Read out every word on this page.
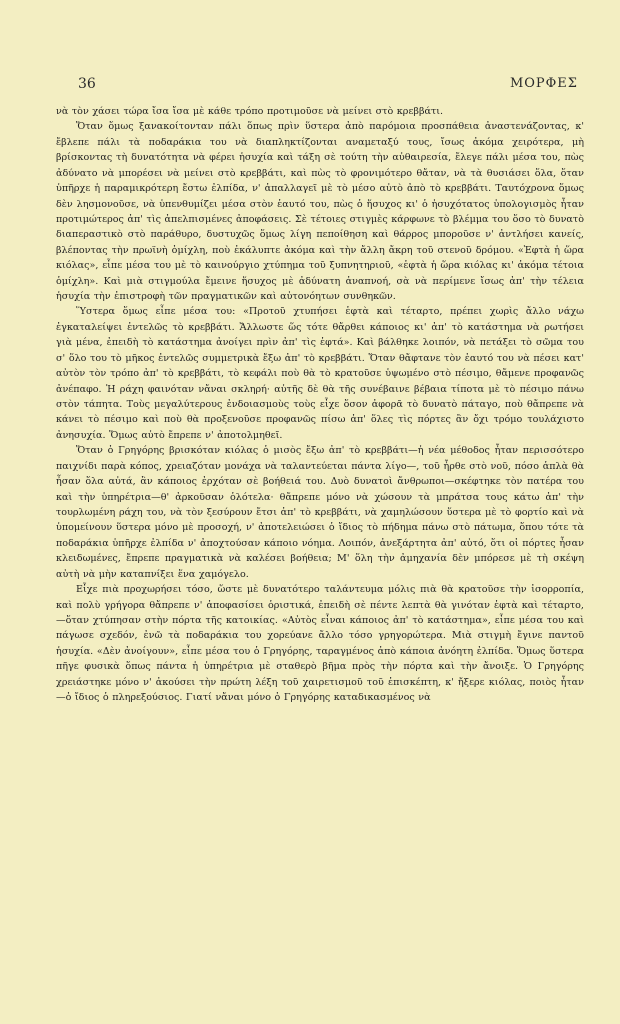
36	ΜΟΡΦΕΣ

νὰ τὸν χάσει τώρα ἴσα ἴσα μὲ κάθε τρόπο προτιμοῦσε νὰ μείνει στὸ κρεββάτι.

Ὅταν ὅμως ξανακοίτονταν πάλι ὅπως πρὶν ὕστερα ἀπὸ παρόμοια προσπάθεια ἀναστενάζοντας, κ' ἔβλεπε πάλι τὰ ποδαράκια του νὰ διαπληκτίζονται αναμεταξύ τους, ἴσως ἀκόμα χειρότερα, μὴ βρίσκοντας τὴ δυνατότητα νὰ φέρει ἡσυχία καὶ τάξη σὲ τούτη τὴν αὐθαιρεσία, ἔλεγε πάλι μέσα του, πὼς ἀδύνατο νὰ μπορέσει νὰ μείνει στὸ κρεββάτι, καὶ πὼς τὸ φρονιμότερο θἄταν, νὰ τὰ θυσιάσει ὅλα, ὅταν ὑπῆρχε ἡ παραμικρότερη ἔστω ἐλπίδα, ν' ἀπαλλαγεῖ μὲ τὸ μέσο αὐτὸ ἀπὸ τὸ κρεββάτι. Ταυτόχρονα ὅμως δὲν λησμονοῦσε, νὰ ὑπενθυμίζει μέσα στὸν ἑαυτό του, πὼς ὁ ἥσυχος κι' ὁ ἡσυχότατος ὑπολογισμὸς ἦταν προτιμώτερος ἀπ' τὶς ἀπελπισμένες ἀποφάσεις. Σὲ τέτοιες στιγμὲς κάρφωνε τὸ βλέμμα του ὅσο τὸ δυνατὸ διαπεραστικὸ στὸ παράθυρο, δυστυχῶς ὅμως λίγη πεποίθηση καὶ θάρρος μποροῦσε ν' ἀντλήσει κανείς, βλέποντας τὴν πρωϊνὴ ὁμίχλη, ποὺ ἐκάλυπτε ἀκόμα καὶ τὴν ἄλλη ἄκρη τοῦ στενοῦ δρόμου. «Ἑφτὰ ἡ ὥρα κιόλας», εἶπε μέσα του μὲ τὸ καινούργιο χτύπημα τοῦ ξυπνητηριοῦ, «ἑφτὰ ἡ ὥρα κιόλας κι' ἀκόμα τέτοια ὁμίχλη». Καὶ μιὰ στιγμούλα ἔμεινε ἥσυχος μὲ ἀδύνατη ἀναπνοή, σὰ νὰ περίμενε ἴσως ἀπ' τὴν τέλεια ἡσυχία τὴν ἐπιστροφὴ τῶν πραγματικῶν καὶ αὐτονόητων συνθηκῶν.

Ὕστερα ὅμως εἶπε μέσα του: «Προτοῦ χτυπήσει ἑφτὰ καὶ τέταρτο, πρέπει χωρὶς ἄλλο νάχω ἐγκαταλείψει ἐντελῶς τὸ κρεββάτι. Ἄλλωστε ὥς τότε θἄρθει κάποιος κι' ἀπ' τὸ κατάστημα νὰ ρωτήσει γιὰ μένα, ἐπειδὴ τὸ κατάστημα ἀνοίγει πρὶν ἀπ' τὶς ἑφτά». Καὶ βάλθηκε λοιπόν, νὰ πετάξει τὸ σῶμα του σ' ὅλο του τὸ μῆκος ἐντελῶς συμμετρικὰ ἔξω ἀπ' τὸ κρεββάτι. Ὅταν θἄφτανε τὸν ἑαυτό του νὰ πέσει κατ' αὐτὸν τὸν τρόπο ἀπ' τὸ κρεββάτι, τὸ κεφάλι ποὺ θὰ τὸ κρατοῦσε ὑψωμένο στὸ πέσιμο, θἄμενε προφανῶς ἀνέπαφο. Ἡ ράχη φαινόταν νἄναι σκληρή· αὐτῆς δὲ θὰ τῆς συνέβαινε βέβαια τίποτα μὲ τὸ πέσιμο πάνω στὸν τάπητα. Τοὺς μεγαλύτερους ἐνδοιασμοὺς τοὺς εἶχε ὅσον ἀφορᾶ τὸ δυνατὸ πάταγο, ποὺ θἄπρεπε νὰ κάνει τὸ πέσιμο καὶ ποὺ θὰ προξενοῦσε προφανῶς πίσω ἀπ' ὅλες τὶς πόρτες ἂν ὄχι τρόμο τουλάχιστο ἀνησυχία. Ὅμως αὐτὸ ἔπρεπε ν' ἀποτολμηθεῖ.

Ὅταν ὁ Γρηγόρης βρισκόταν κιόλας ὁ μισὸς ἔξω ἀπ' τὸ κρεββάτι—ἡ νέα μέθοδος ἦταν περισσότερο παιχνίδι παρὰ κόπος, χρειαζόταν μονάχα νὰ ταλαντεύεται πάντα λίγο—, τοῦ ἦρθε στὸ νοῦ, πόσο ἁπλὰ θὰ ἦσαν ὅλα αὐτά, ἂν κάποιος ἐρχόταν σὲ βοήθειά του. Δυὸ δυνατοὶ ἄνθρωποι—σκέφτηκε τὸν πατέρα του καὶ τὴν ὑπηρέτρια—θ' ἀρκοῦσαν ὁλότελα· θἄπρεπε μόνο νὰ χώσουν τὰ μπράτσα τους κάτω ἀπ' τὴν τουρλωμένη ράχη του, νὰ τὸν ξεσύρουν ἔτσι ἀπ' τὸ κρεββάτι, νὰ χαμηλώσουν ὕστερα μὲ τὸ φορτίο καὶ νὰ ὑπομείνουν ὕστερα μόνο μὲ προσοχή, ν' ἀποτελειώσει ὁ ἴδιος τὸ πήδημα πάνω στὸ πάτωμα, ὅπου τότε τὰ ποδαράκια ὑπῆρχε ἐλπίδα ν' ἀποχτούσαν κάποιο νόημα. Λοιπόν, ἀνεξάρτητα ἀπ' αὐτό, ὅτι οἱ πόρτες ἦσαν κλειδωμένες, ἔπρεπε πραγματικὰ νὰ καλέσει βοήθεια; Μ' ὅλη τὴν ἀμηχανία δὲν μπόρεσε μὲ τὴ σκέψη αὐτὴ νὰ μὴν καταπνίξει ἕνα χαμόγελο.

Εἶχε πιὰ προχωρήσει τόσο, ὥστε μὲ δυνατότερο ταλάντευμα μόλις πιὰ θὰ κρατοῦσε τὴν ἰσορροπία, καὶ πολὺ γρήγορα θἄπρεπε ν' ἀποφασίσει ὁριστικά, ἐπειδὴ σὲ πέντε λεπτὰ θὰ γινόταν ἑφτὰ καὶ τέταρτο,—ὅταν χτύπησαν στὴν πόρτα τῆς κατοικίας. «Αὐτὸς εἶναι κάποιος ἀπ' τὸ κατάστημα», εἶπε μέσα του καὶ πάγωσε σχεδόν, ἐνῶ τὰ ποδαράκια του χορεύανε ἄλλο τόσο γρηγορώτερα. Μιὰ στιγμὴ ἔγινε παντοῦ ἡσυχία. «Δὲν ἀνοίγουν», εἶπε μέσα του ὁ Γρηγόρης, ταραγμένος ἀπὸ κάποια ἀνόητη ἐλπίδα. Ὅμως ὕστερα πῆγε φυσικὰ ὅπως πάντα ἡ ὑπηρέτρια μὲ σταθερὸ βῆμα πρὸς τὴν πόρτα καὶ τὴν ἄνοιξε. Ὁ Γρηγόρης χρειάστηκε μόνο ν' ἀκούσει τὴν πρώτη λέξη τοῦ χαιρετισμοῦ τοῦ ἐπισκέπτη, κ' ἤξερε κιόλας, ποιὸς ἦταν—ὁ ἴδιος ὁ πληρεξούσιος. Γιατί νἄναι μόνο ὁ Γρηγόρης καταδικασμένος νὰ
